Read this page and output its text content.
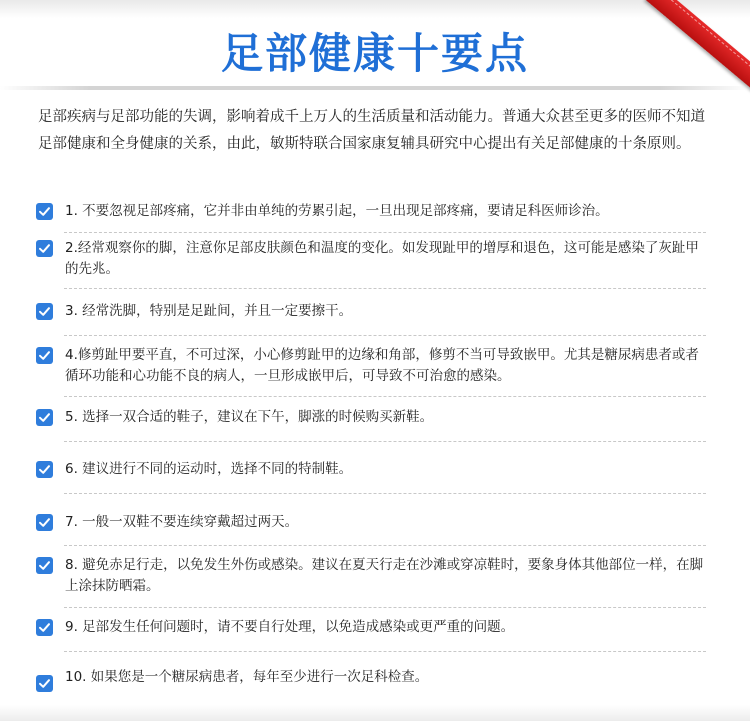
足部健康十要点

足部疾病与足部功能的失调，影响着成千上万人的生活质量和活动能力。普通大众甚至更多的医师不知道足部健康和全身健康的关系，由此，敏斯特联合国家康复辅具研究中心提出有关足部健康的十条原则。

1. 不要忽视足部疼痛，它并非由单纯的劳累引起，一旦出现足部疼痛，要请足科医师诊治。

2.经常观察你的脚，注意你足部皮肤颜色和温度的变化。如发现趾甲的增厚和退色，这可能是感染了灰趾甲的先兆。

3. 经常洗脚，特别是足趾间，并且一定要擦干。

4.修剪趾甲要平直，不可过深，小心修剪趾甲的边缘和角部，修剪不当可导致嵌甲。尤其是糖尿病患者或者循环功能和心功能不良的病人，一旦形成嵌甲后，可导致不可治愈的感染。

5. 选择一双合适的鞋子，建议在下午，脚涨的时候购买新鞋。

6. 建议进行不同的运动时，选择不同的特制鞋。

7. 一般一双鞋不要连续穿戴超过两天。

8. 避免赤足行走，以免发生外伤或感染。建议在夏天行走在沙滩或穿凉鞋时，要象身体其他部位一样，在脚上涂抹防晒霜。

9. 足部发生任何问题时，请不要自行处理，以免造成感染或更严重的问题。

10. 如果您是一个糖尿病患者，每年至少进行一次足科检查。
